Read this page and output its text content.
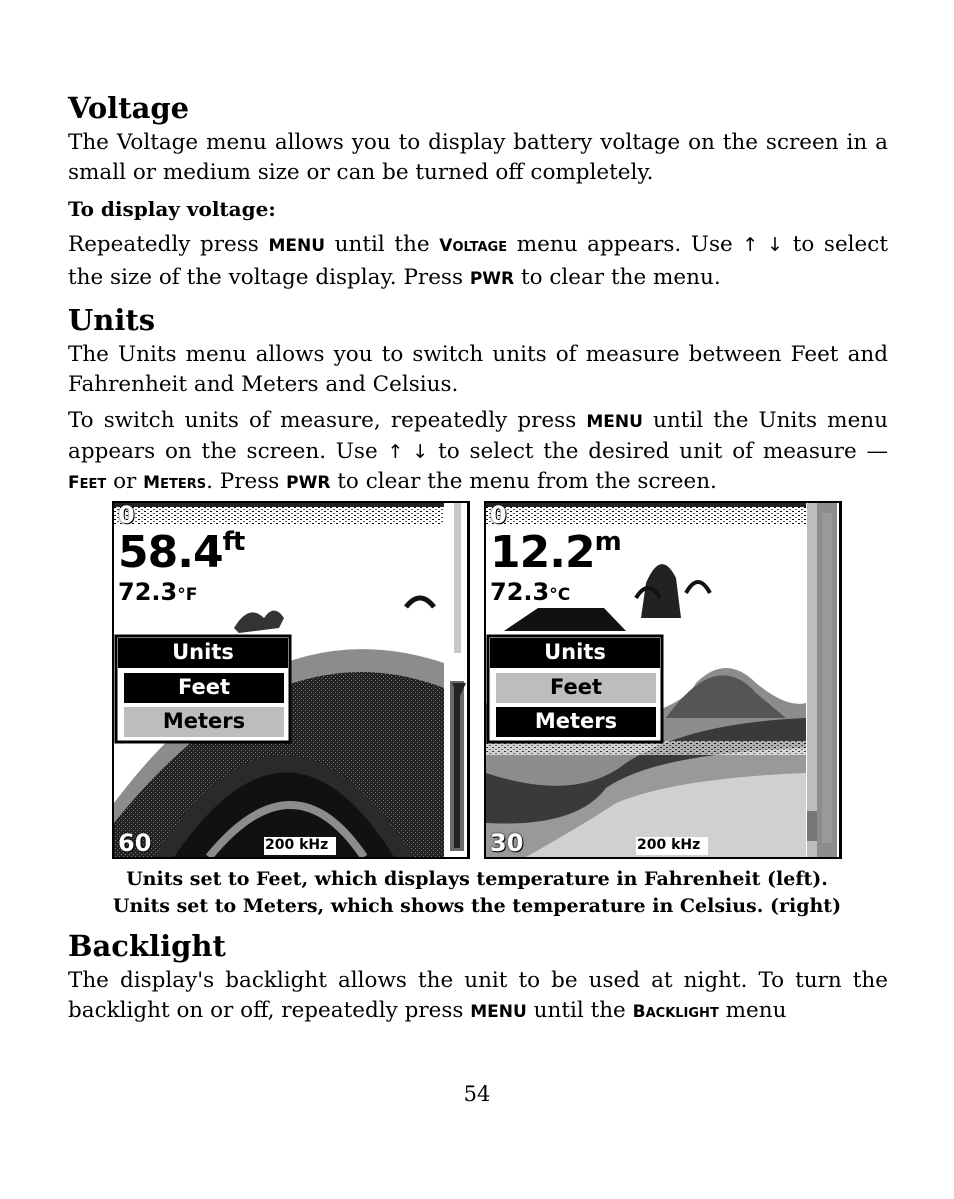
Voltage

The Voltage menu allows you to display battery voltage on the screen in a small or medium size or can be turned off completely.

To display voltage:

Repeatedly press MENU until the VOLTAGE menu appears. Use ↑ ↓ to select the size of the voltage display. Press PWR to clear the menu.

Units

The Units menu allows you to switch units of measure between Feet and Fahrenheit and Meters and Celsius.

To switch units of measure, repeatedly press MENU until the Units menu appears on the screen. Use ↑ ↓ to select the desired unit of measure — FEET or METERS. Press PWR to clear the menu from the screen.

0
$58.4^{ft}$
72.3°F
Units
Feet
Meters
60	200 kHz
0
12.2$^m$
72.3°C
Units
Feet
Meters
30	200 kHz
Units set to Feet, which displays temperature in Fahrenheit (left).
Units set to Meters, which shows the temperature in Celsius. (right)
Backlight

The display's backlight allows the unit to be used at night. To turn the backlight on or off, repeatedly press MENU until the BACKLIGHT menu

54
